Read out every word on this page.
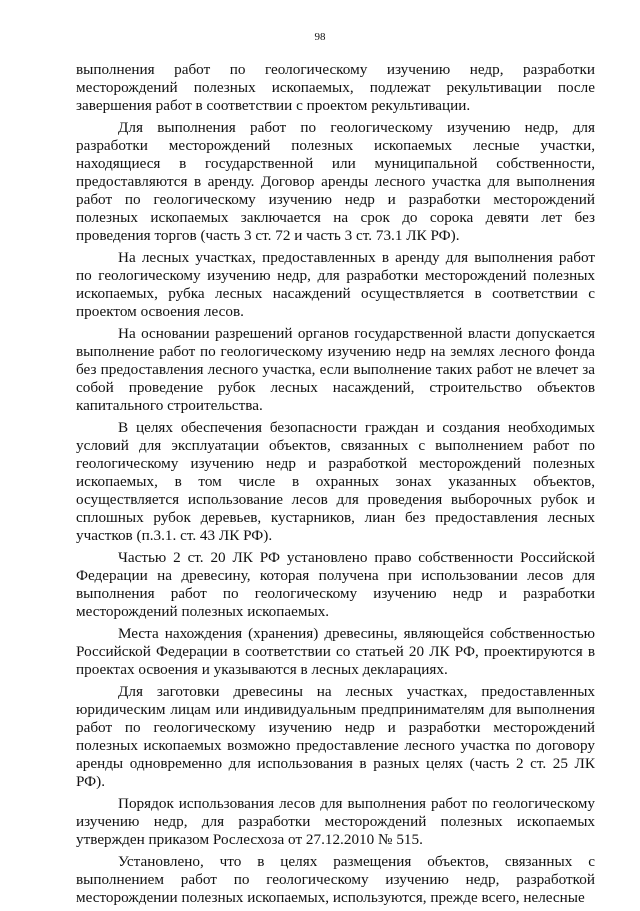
98

выполнения работ по геологическому изучению недр, разработки месторождений полезных ископаемых, подлежат рекультивации после завершения работ в соответствии с проектом рекультивации.

Для выполнения работ по геологическому изучению недр, для разработки месторождений полезных ископаемых лесные участки, находящиеся в государственной или муниципальной собственности, предоставляются в аренду. Договор аренды лесного участка для выполнения работ по геологическому изучению недр и разработки месторождений полезных ископаемых заключается на срок до сорока девяти лет без проведения торгов (часть 3 ст. 72 и часть 3 ст. 73.1 ЛК РФ).

На лесных участках, предоставленных в аренду для выполнения работ по геологическому изучению недр, для разработки месторождений полезных ископаемых, рубка лесных насаждений осуществляется в соответствии с проектом освоения лесов.

На основании разрешений органов государственной власти допускается выполнение работ по геологическому изучению недр на землях лесного фонда без предоставления лесного участка, если выполнение таких работ не влечет за собой проведение рубок лесных насаждений, строительство объектов капитального строительства.

В целях обеспечения безопасности граждан и создания необходимых условий для эксплуатации объектов, связанных с выполнением работ по геологическому изучению недр и разработкой месторождений полезных ископаемых, в том числе в охранных зонах указанных объектов, осуществляется использование лесов для проведения выборочных рубок и сплошных рубок деревьев, кустарников, лиан без предоставления лесных участков (п.3.1. ст. 43 ЛК РФ).

Частью 2 ст. 20 ЛК РФ установлено право собственности Российской Федерации на древесину, которая получена при использовании лесов для выполнения работ по геологическому изучению недр и разработки месторождений полезных ископаемых.

Места нахождения (хранения) древесины, являющейся собственностью Российской Федерации в соответствии со статьей 20 ЛК РФ, проектируются в проектах освоения и указываются в лесных декларациях.

Для заготовки древесины на лесных участках, предоставленных юридическим лицам или индивидуальным предпринимателям для выполнения работ по геологическому изучению недр и разработки месторождений полезных ископаемых возможно предоставление лесного участка по договору аренды одновременно для использования в разных целях (часть 2 ст. 25 ЛК РФ).

Порядок использования лесов для выполнения работ по геологическому изучению недр, для разработки месторождений полезных ископаемых утвержден приказом Рослесхоза от 27.12.2010 № 515.

Установлено, что в целях размещения объектов, связанных с выполнением работ по геологическому изучению недр, разработкой месторождении полезных ископаемых, используются, прежде всего, нелесные
